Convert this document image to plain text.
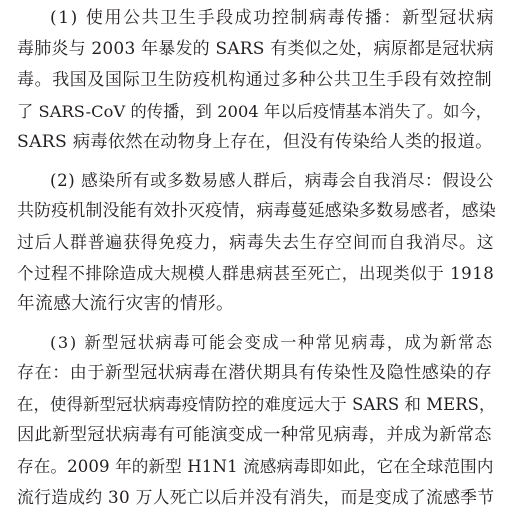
(1) 使用公共卫生手段成功控制病毒传播：新型冠状病
毒肺炎与 2003 年暴发的 SARS 有类似之处，病原都是冠状病
毒。我国及国际卫生防疫机构通过多种公共卫生手段有效控制
了 SARS-CoV 的传播，到 2004 年以后疫情基本消失了。如今，
SARS 病毒依然在动物身上存在，但没有传染给人类的报道。
(2) 感染所有或多数易感人群后，病毒会自我消尽：假设公
共防疫机制没能有效扑灭疫情，病毒蔓延感染多数易感者，感染
过后人群普遍获得免疫力，病毒失去生存空间而自我消尽。这
个过程不排除造成大规模人群患病甚至死亡，出现类似于 1918
年流感大流行灾害的情形。
(3) 新型冠状病毒可能会变成一种常见病毒，成为新常态
存在：由于新型冠状病毒在潜伏期具有传染性及隐性感染的存
在，使得新型冠状病毒疫情防控的难度远大于 SARS 和 MERS，
因此新型冠状病毒有可能演变成一种常见病毒，并成为新常态
存在。2009 年的新型 H1N1 流感病毒即如此，它在全球范围内
流行造成约 30 万人死亡以后并没有消失，而是变成了流感季节
